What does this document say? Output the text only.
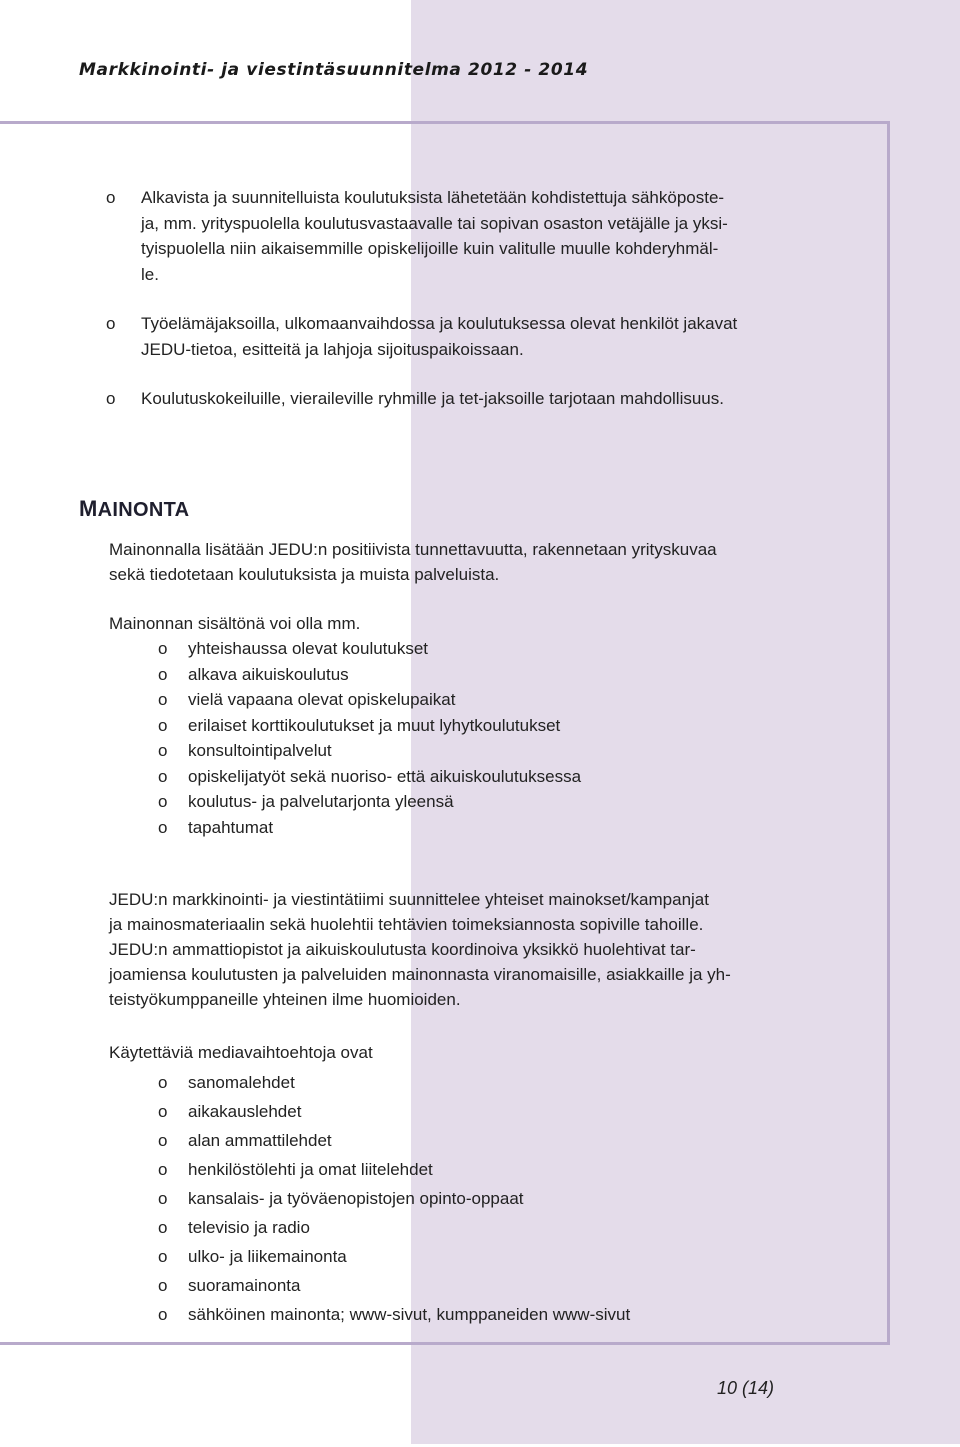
Markkinointi- ja viestintäsuunnitelma 2012 - 2014
o Alkavista ja suunnitelluista koulutuksista lähetetään kohdistettuja sähköposte-
ja, mm. yrityspuolella koulutusvastaavalle tai sopivan osaston vetäjälle ja yksi-
tyispuolella niin aikaisemmille opiskelijoille kuin valitulle muulle kohderyhmäl-
le.
o Työelämäjaksoilla, ulkomaanvaihdossa ja koulutuksessa olevat henkilöt jakavat
JEDU-tietoa, esitteitä ja lahjoja sijoituspaikoissaan.
o Koulutuskokeiluille, vieraileville ryhmille ja tet-jaksoille tarjotaan mahdollisuus.
MAINONTA
Mainonnalla lisätään JEDU:n positiivista tunnettavuutta, rakennetaan yrityskuvaa
sekä tiedotetaan koulutuksista ja muista palveluista.
Mainonnan sisältönä voi olla mm.
o yhteishaussa olevat koulutukset
o alkava aikuiskoulutus
o vielä vapaana olevat opiskelupaikat
o erilaiset korttikoulutukset ja muut lyhytkoulutukset
o konsultointipalvelut
o opiskelijatyöt sekä nuoriso- että aikuiskoulutuksessa
o koulutus- ja palvelutarjonta yleensä
o tapahtumat
JEDU:n markkinointi- ja viestintätiimi suunnittelee yhteiset mainokset/kampanjat
ja mainosmateriaalin sekä huolehtii tehtävien toimeksiannosta sopiville tahoille.
JEDU:n ammattiopistot ja aikuiskoulutusta koordinoiva yksikkö huolehtivat tar-
joamiensa koulutusten ja palveluiden mainonnasta viranomaisille, asiakkaille ja yh-
teistyökumppaneille yhteinen ilme huomioiden.
Käytettäviä mediavaihtoehtoja ovat
o sanomalehdet
o aikakauslehdet
o alan ammattilehdet
o henkilöstölehti ja omat liitelehdet
o kansalais- ja työväenopistojen opinto-oppaat
o televisio ja radio
o ulko- ja liikemainonta
o suoramainonta
o sähköinen mainonta; www-sivut, kumppaneiden www-sivut
10 (14)
